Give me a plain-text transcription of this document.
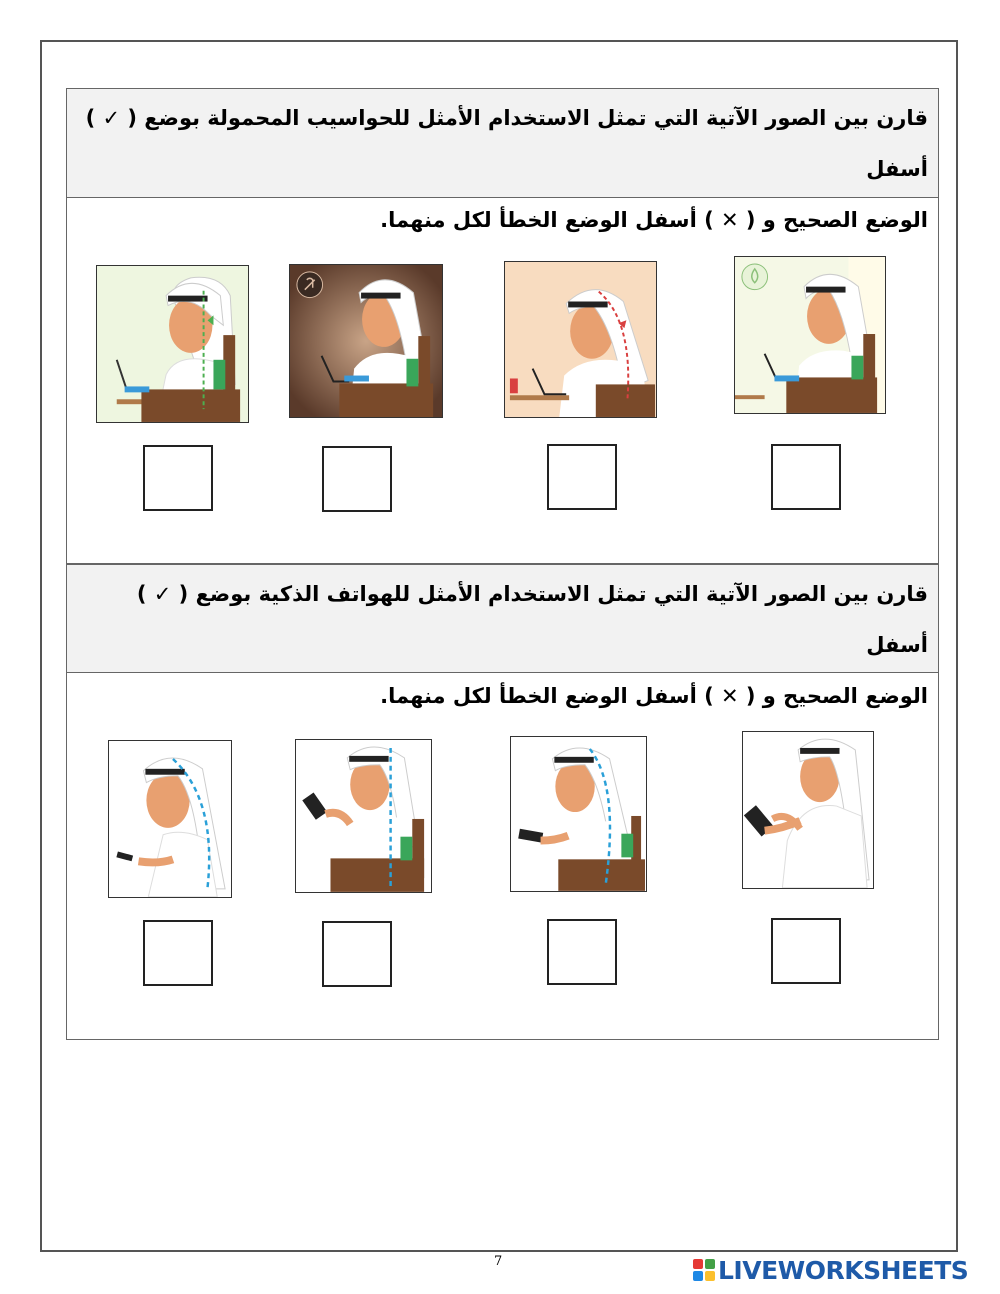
قارن بين الصور الآتية التي تمثل الاستخدام الأمثل للحواسيب المحمولة بوضع ( ✓ ) أسفل
الوضع الصحيح و ( ✕ ) أسفل الوضع الخطأ لكل منهما.
قارن بين الصور الآتية التي تمثل الاستخدام الأمثل للهواتف الذكية بوضع ( ✓ ) أسفل
الوضع الصحيح و ( ✕ ) أسفل الوضع الخطأ لكل منهما.
7	LIVEWORKSHEETS
